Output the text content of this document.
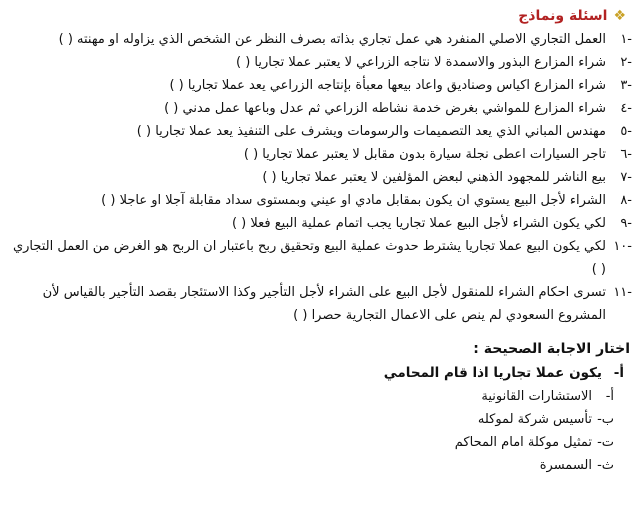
❖
اسئلة ونماذج
-١
العمل التجاري الاصلي المنفرد هي عمل تجاري بذاته بصرف النظر عن الشخص الذي يزاوله او مهنته ( )
-٢
شراء المزارع البذور والاسمدة لا نتاجه الزراعي لا يعتبر عملا تجاريا ( )
-٣
شراء المزارع اكياس وصناديق واعاد بيعها معبأة بإنتاجه الزراعي يعد عملا تجاريا ( )
-٤
شراء المزارع للمواشي بغرض خدمة نشاطه الزراعي ثم عدل وباعها عمل مدني ( )
-٥
مهندس المباني الذي يعد التصميمات والرسومات ويشرف على التنفيذ يعد عملا تجاريا ( )
-٦
تاجر السيارات اعطى نجلة سيارة بدون مقابل لا يعتبر عملا تجاريا ( )
-٧
بيع الناشر للمجهود الذهني لبعض المؤلفين لا يعتبر عملا تجاريا ( )
-٨
الشراء لأجل البيع يستوي ان يكون بمقابل مادي او عيني وبمستوى سداد مقابلة آجلا او عاجلا ( )
-٩
لكي يكون الشراء لأجل البيع عملا تجاريا يجب اتمام عملية البيع فعلا ( )
-١٠
لكي يكون البيع عملا تجاريا يشترط حدوث عملية البيع وتحقيق ربح باعتبار ان الربح هو الغرض من العمل التجاري ( )
-١١
تسرى احكام الشراء للمنقول لأجل البيع على الشراء لأجل التأجير وكذا الاستئجار بقصد التأجير بالقياس لأن المشروع السعودي لم ينص على الاعمال التجارية حصرا ( )
اختار الاجابة الصحيحة :
أ-
يكون عملا تجاريا اذا قام المحامي
أ-
الاستشارات القانونية
ب-
تأسيس شركة لموكله
ت-
تمثيل موكلة امام المحاكم
ث-
السمسرة
